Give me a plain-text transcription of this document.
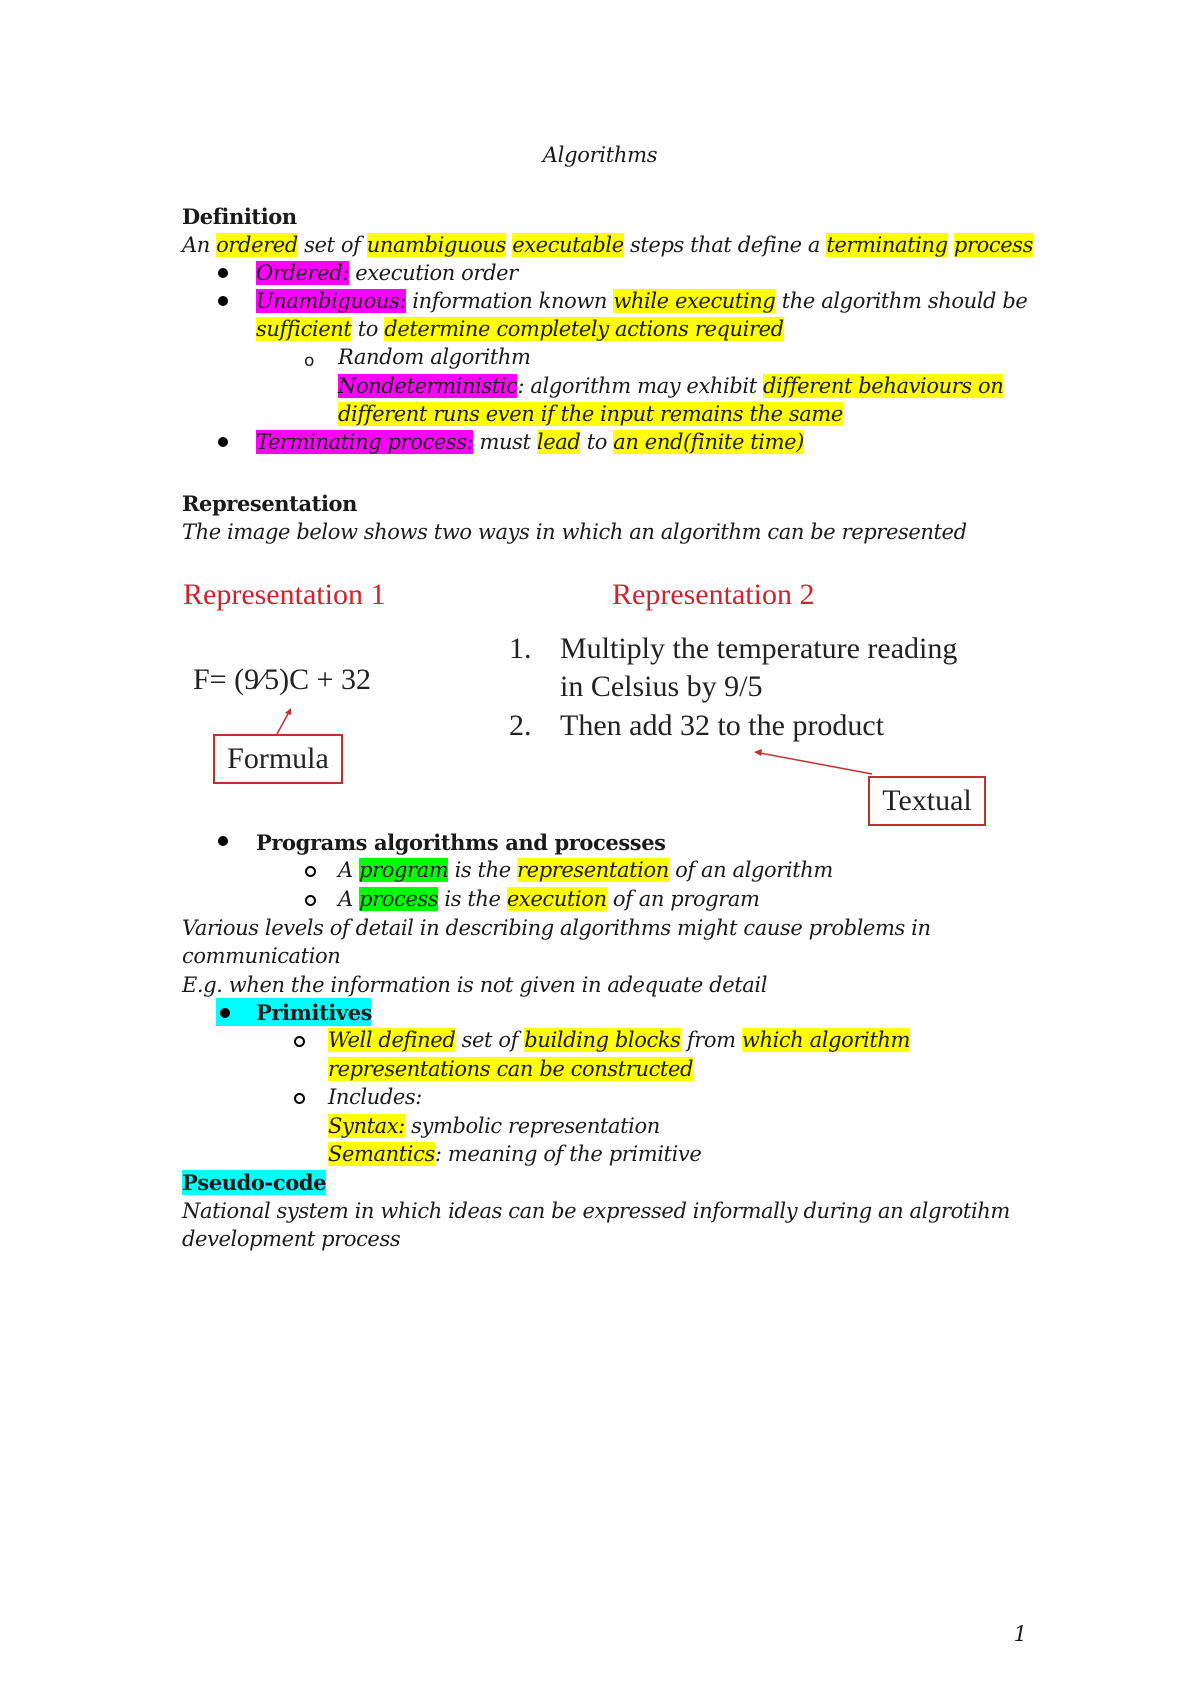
Algorithms
Definition
An ordered set of unambiguous executable steps that define a terminating process
Ordered: execution order
Unambiguous: information known while executing the algorithm should be
sufficient to determine completely actions required
o Random algorithm
Nondeterministic: algorithm may exhibit different behaviours on
different runs even if the input remains the same
Terminating process: must lead to an end(finite time)
Representation
The image below shows two ways in which an algorithm can be represented
Representation 1	Representation 2
F= (9⁄5)C + 32
Formula
1. Multiply the temperature reading
in Celsius by 9/5
2. Then add 32 to the product
Textual
Programs algorithms and processes
A program is the representation of an algorithm
A process is the execution of an program
Various levels of detail in describing algorithms might cause problems in
communication
E.g. when the information is not given in adequate detail
Primitives
Well defined set of building blocks from which algorithm
representations can be constructed
Includes:
Syntax: symbolic representation
Semantics: meaning of the primitive
Pseudo-code
National system in which ideas can be expressed informally during an algrotihm
development process
1
